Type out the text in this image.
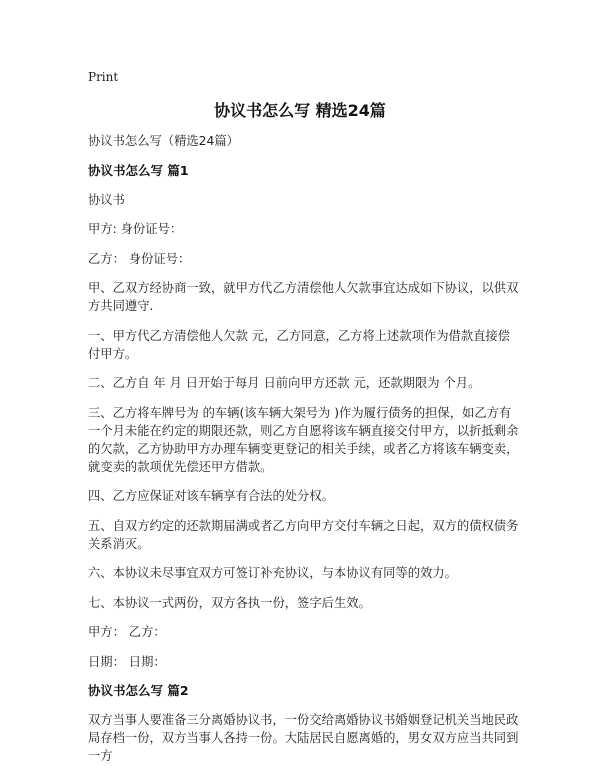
Print
协议书怎么写 精选24篇
协议书怎么写（精选24篇）
协议书怎么写 篇1
协议书
甲方: 身份证号：
乙方： 身份证号：
甲、乙双方经协商一致，就甲方代乙方清偿他人欠款事宜达成如下协议，以供双方共同遵守.
一、甲方代乙方清偿他人欠款 元，乙方同意，乙方将上述款项作为借款直接偿付甲方。
二、乙方自 年 月 日开始于每月 日前向甲方还款 元，还款期限为 个月。
三、乙方将车牌号为 的车辆(该车辆大架号为 )作为履行债务的担保，如乙方有一个月未能在约定的期限还款，则乙方自愿将该车辆直接交付甲方，以折抵剩余的欠款，乙方协助甲方办理车辆变更登记的相关手续，或者乙方将该车辆变卖，就变卖的款项优先偿还甲方借款。
四、乙方应保证对该车辆享有合法的处分权。
五、自双方约定的还款期届满或者乙方向甲方交付车辆之日起，双方的债权债务关系消灭。
六、本协议未尽事宜双方可签订补充协议，与本协议有同等的效力。
七、本协议一式两份，双方各执一份，签字后生效。
甲方： 乙方：
日期： 日期：
协议书怎么写 篇2
双方当事人要准备三分离婚协议书，一份交给离婚协议书婚姻登记机关当地民政局存档一份，双方当事人各持一份。大陆居民自愿离婚的，男女双方应当共同到一方
